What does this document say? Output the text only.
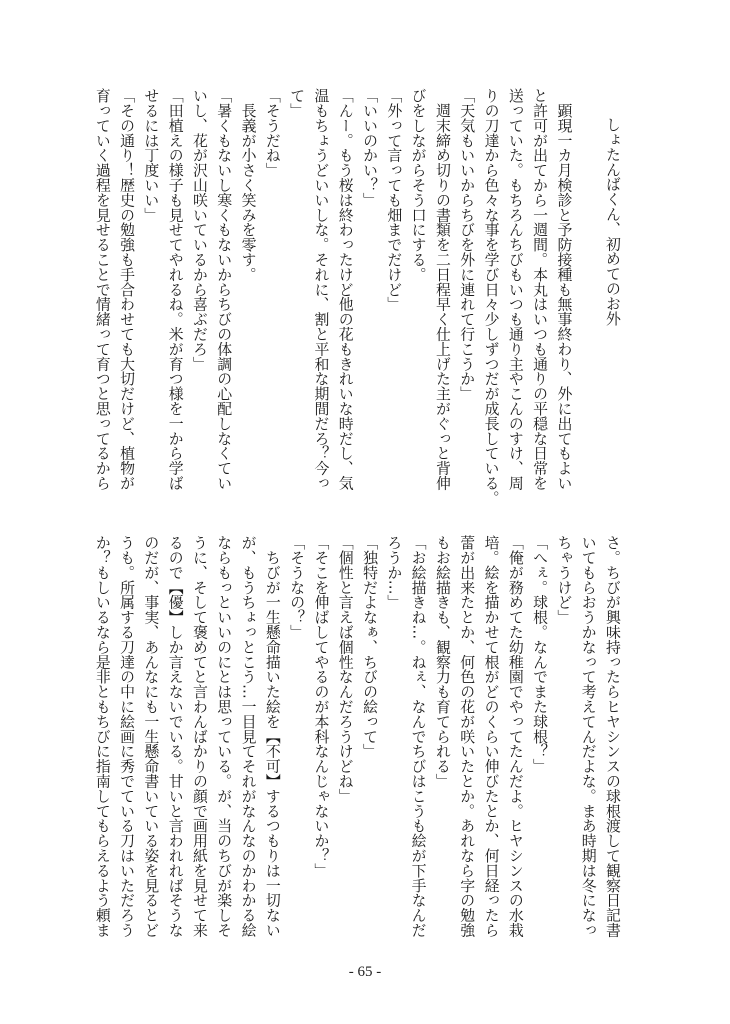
しょたんばくん、初めてのお外
　顕現一カ月検診と予防接種も無事終わり、外に出てもよい
と許可が出てから一週間。本丸はいつも通りの平穏な日常を
送っていた。もちろんちびもいつも通り主やこんのすけ、周
りの刀達から色々な事を学び日々少しずつだが成長している。
「天気もいいからちびを外に連れて行こうか」
　週末締め切りの書類を二日程早く仕上げた主がぐっと背伸
びをしながらそう口にする。
「外って言っても畑までだけど」
「いいのかい？」
「んー。もう桜は終わったけど他の花もきれいな時だし、気
温もちょうどいいしな。それに、割と平和な期間だろ？今っ
て」
「そうだね」
　長義が小さく笑みを零す。
「暑くもないし寒くもないからちびの体調の心配しなくてい
いし、花が沢山咲いているから喜ぶだろ」
「田植えの様子も見せてやれるね。米が育つ様を一から学ば
せるには丁度いい」
「その通り！歴史の勉強も手合わせても大切だけど、植物が
育っていく過程を見せることで情緒って育つと思ってるから
さ。ちびが興味持ったらヒヤシンスの球根渡して観察日記書
いてもらおうかなって考えてんだよな。まあ時期は冬になっ
ちゃうけど」
「へぇ。球根。なんでまた球根？」
「俺が務めてた幼稚園でやってたんだよ。ヒヤシンスの水栽
培。絵を描かせて根がどのくらい伸びたとか、何日経ったら
蕾が出来たとか、何色の花が咲いたとか。あれなら字の勉強
もお絵描きも、観察力も育てられる」
「お絵描きね…。ねぇ、なんでちびはこうも絵が下手なんだ
ろうか…」
「独特だよなぁ、ちびの絵って」
「個性と言えば個性なんだろうけどね」
「そこを伸ばしてやるのが本科なんじゃないか？」
「そうなの？」
　ちびが一生懸命描いた絵を【不可】するつもりは一切ない
が、もうちょっとこう…一目見てそれがなんなのかわかる絵
ならもっといいのにとは思っている。が、当のちびが楽しそ
うに、そして褒めてと言わんばかりの顔で画用紙を見せて来
るので【優】しか言えないでいる。甘いと言われればそうな
のだが、事実、あんなにも一生懸命書いている姿を見るとど
うも。所属する刀達の中に絵画に秀でている刀はいただろう
か？もしいるなら是非ともちびに指南してもらえるよう頼ま
- 65 -
